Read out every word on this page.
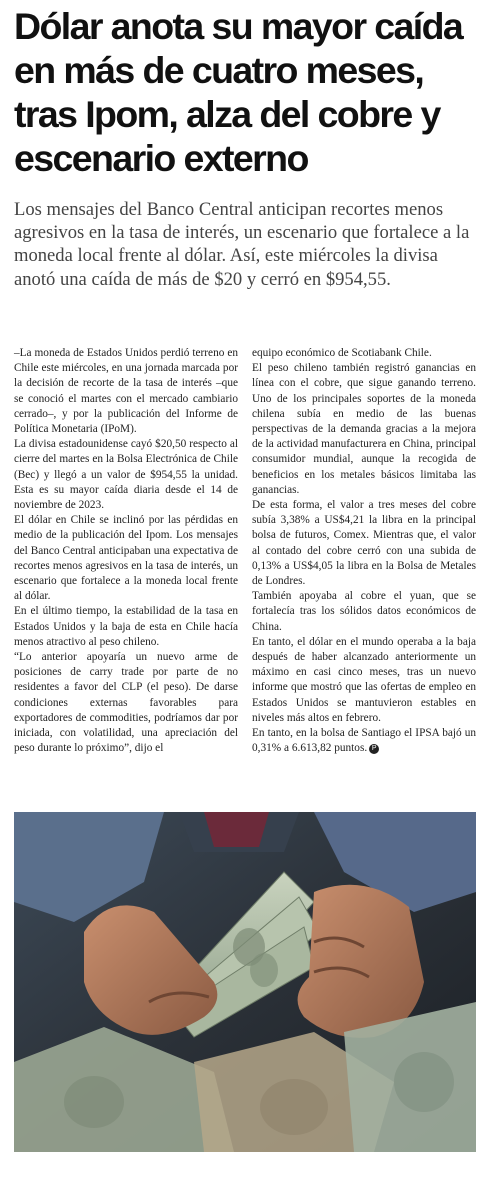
Dólar anota su mayor caída en más de cuatro meses, tras Ipom, alza del cobre y escenario externo

Los mensajes del Banco Central anticipan recortes menos agresivos en la tasa de interés, un escenario que fortalece a la moneda local frente al dólar. Así, este miércoles la divisa anotó una caída de más de $20 y cerró en $954,55.

–La moneda de Estados Unidos perdió terreno en Chile este miércoles, en una jornada marcada por la decisión de recorte de la tasa de interés –que se conoció el martes con el mercado cambiario cerrado–, y por la publicación del Informe de Política Monetaria (IPoM).

La divisa estadounidense cayó $20,50 respecto al cierre del martes en la Bolsa Electrónica de Chile (Bec) y llegó a un valor de $954,55 la unidad. Esta es su mayor caída diaria desde el 14 de noviembre de 2023.

El dólar en Chile se inclinó por las pérdidas en medio de la publicación del Ipom. Los mensajes del Banco Central anticipaban una expectativa de recortes menos agresivos en la tasa de interés, un escenario que fortalece a la moneda local frente al dólar.

En el último tiempo, la estabilidad de la tasa en Estados Unidos y la baja de esta en Chile hacía menos atractivo al peso chileno.

“Lo anterior apoyaría un nuevo arme de posiciones de carry trade por parte de no residentes a favor del CLP (el peso). De darse condiciones externas favorables para exportadores de commodities, podríamos dar por iniciada, con volatilidad, una apreciación del peso durante lo próximo”, dijo el

equipo económico de Scotiabank Chile.

El peso chileno también registró ganancias en línea con el cobre, que sigue ganando terreno. Uno de los principales soportes de la moneda chilena subía en medio de las buenas perspectivas de la demanda gracias a la mejora de la actividad manufacturera en China, principal consumidor mundial, aunque la recogida de beneficios en los metales básicos limitaba las ganancias.

De esta forma, el valor a tres meses del cobre subía 3,38% a US$4,21 la libra en la principal bolsa de futuros, Comex. Mientras que, el valor al contado del cobre cerró con una subida de 0,13% a US$4,05 la libra en la Bolsa de Metales de Londres.

También apoyaba al cobre el yuan, que se fortalecía tras los sólidos datos económicos de China.

En tanto, el dólar en el mundo operaba a la baja después de haber alcanzado anteriormente un máximo en casi cinco meses, tras un nuevo informe que mostró que las ofertas de empleo en Estados Unidos se mantuvieron estables en niveles más altos en febrero.

En tanto, en la bolsa de Santiago el IPSA bajó un 0,31% a 6.613,82 puntos. P
